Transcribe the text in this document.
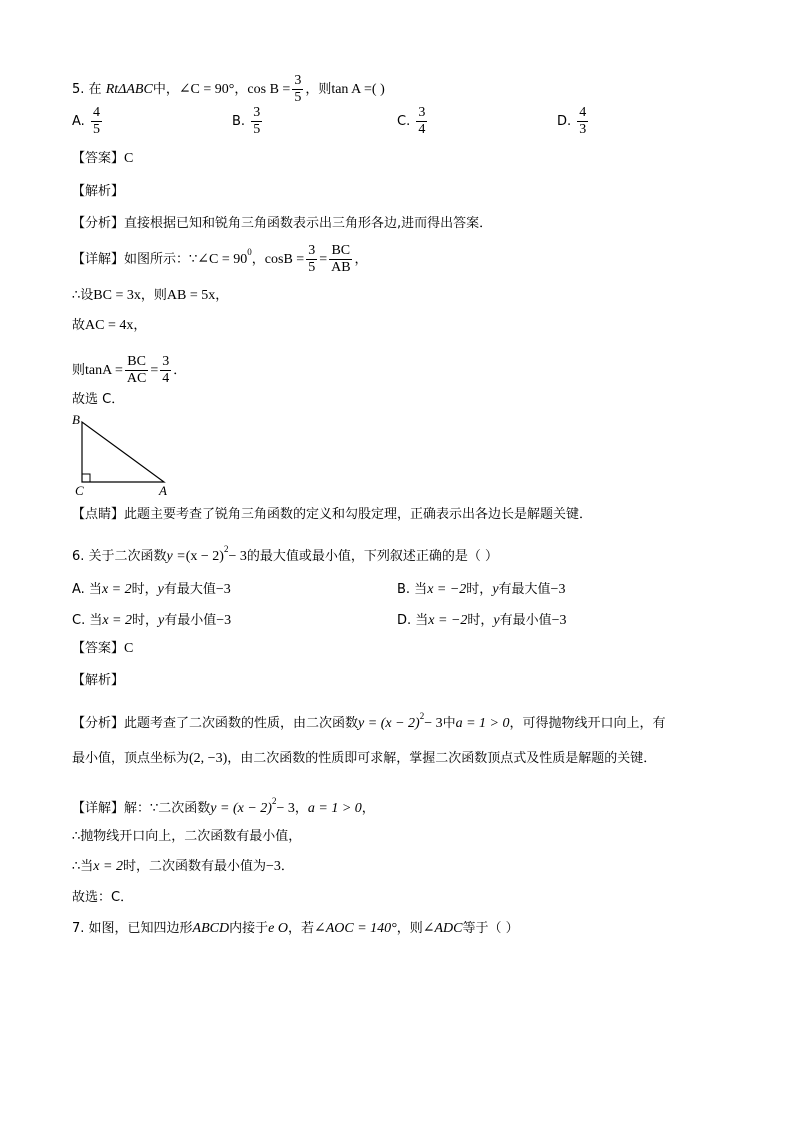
5. 在 RtΔABC中，∠C = 90°，$\cos B = \frac{3}{5}$ ，则tan A =( )
A. $\frac{4}{5}$	B. $\frac{3}{5}$	C. $\frac{3}{4}$	D. $\frac{4}{3}$
【答案】C
【解析】
【分析】直接根据已知和锐角三角函数表示出三角形各边,进而得出答案．
【详解】如图所示：∵∠C = $90^0$，$\cos B = \frac{3}{5} = \frac{BC}{AB}$ ，
∴设BC = 3x，则AB = 5x，
故AC = 4x，
则$\tan A = \frac{BC}{AC} = \frac{3}{4}$ ．
故选 C．
B
C	A
【点睛】此题主要考查了锐角三角函数的定义和勾股定理，正确表示出各边长是解题关键．
6. 关于二次函数$y =(x - 2)^2- 3$的最大值或最小值，下列叙述正确的是（ ）
A. 当x = 2时，y有最大值−3	B. 当x = −2时，y有最大值−3
C. 当x = 2时，y有最小值−3	D. 当x = −2时，y有最小值−3
【答案】C
【解析】
【分析】此题考查了二次函数的性质，由二次函数$y = (x - 2)^2- 3$中a = 1 > 0，可得抛物线开口向上，有
最小值，顶点坐标为(2, −3)，由二次函数的性质即可求解，掌握二次函数顶点式及性质是解题的关键．
【详解】解：∵二次函数$y = (x - 2)^2- 3$，a = 1 > 0，
∴抛物线开口向上，二次函数有最小值，
∴当x = 2时，二次函数有最小值为−3．
故选：C．
7. 如图，已知四边形ABCD内接于e O，若∠AOC = 140°，则∠ADC等于（ ）
